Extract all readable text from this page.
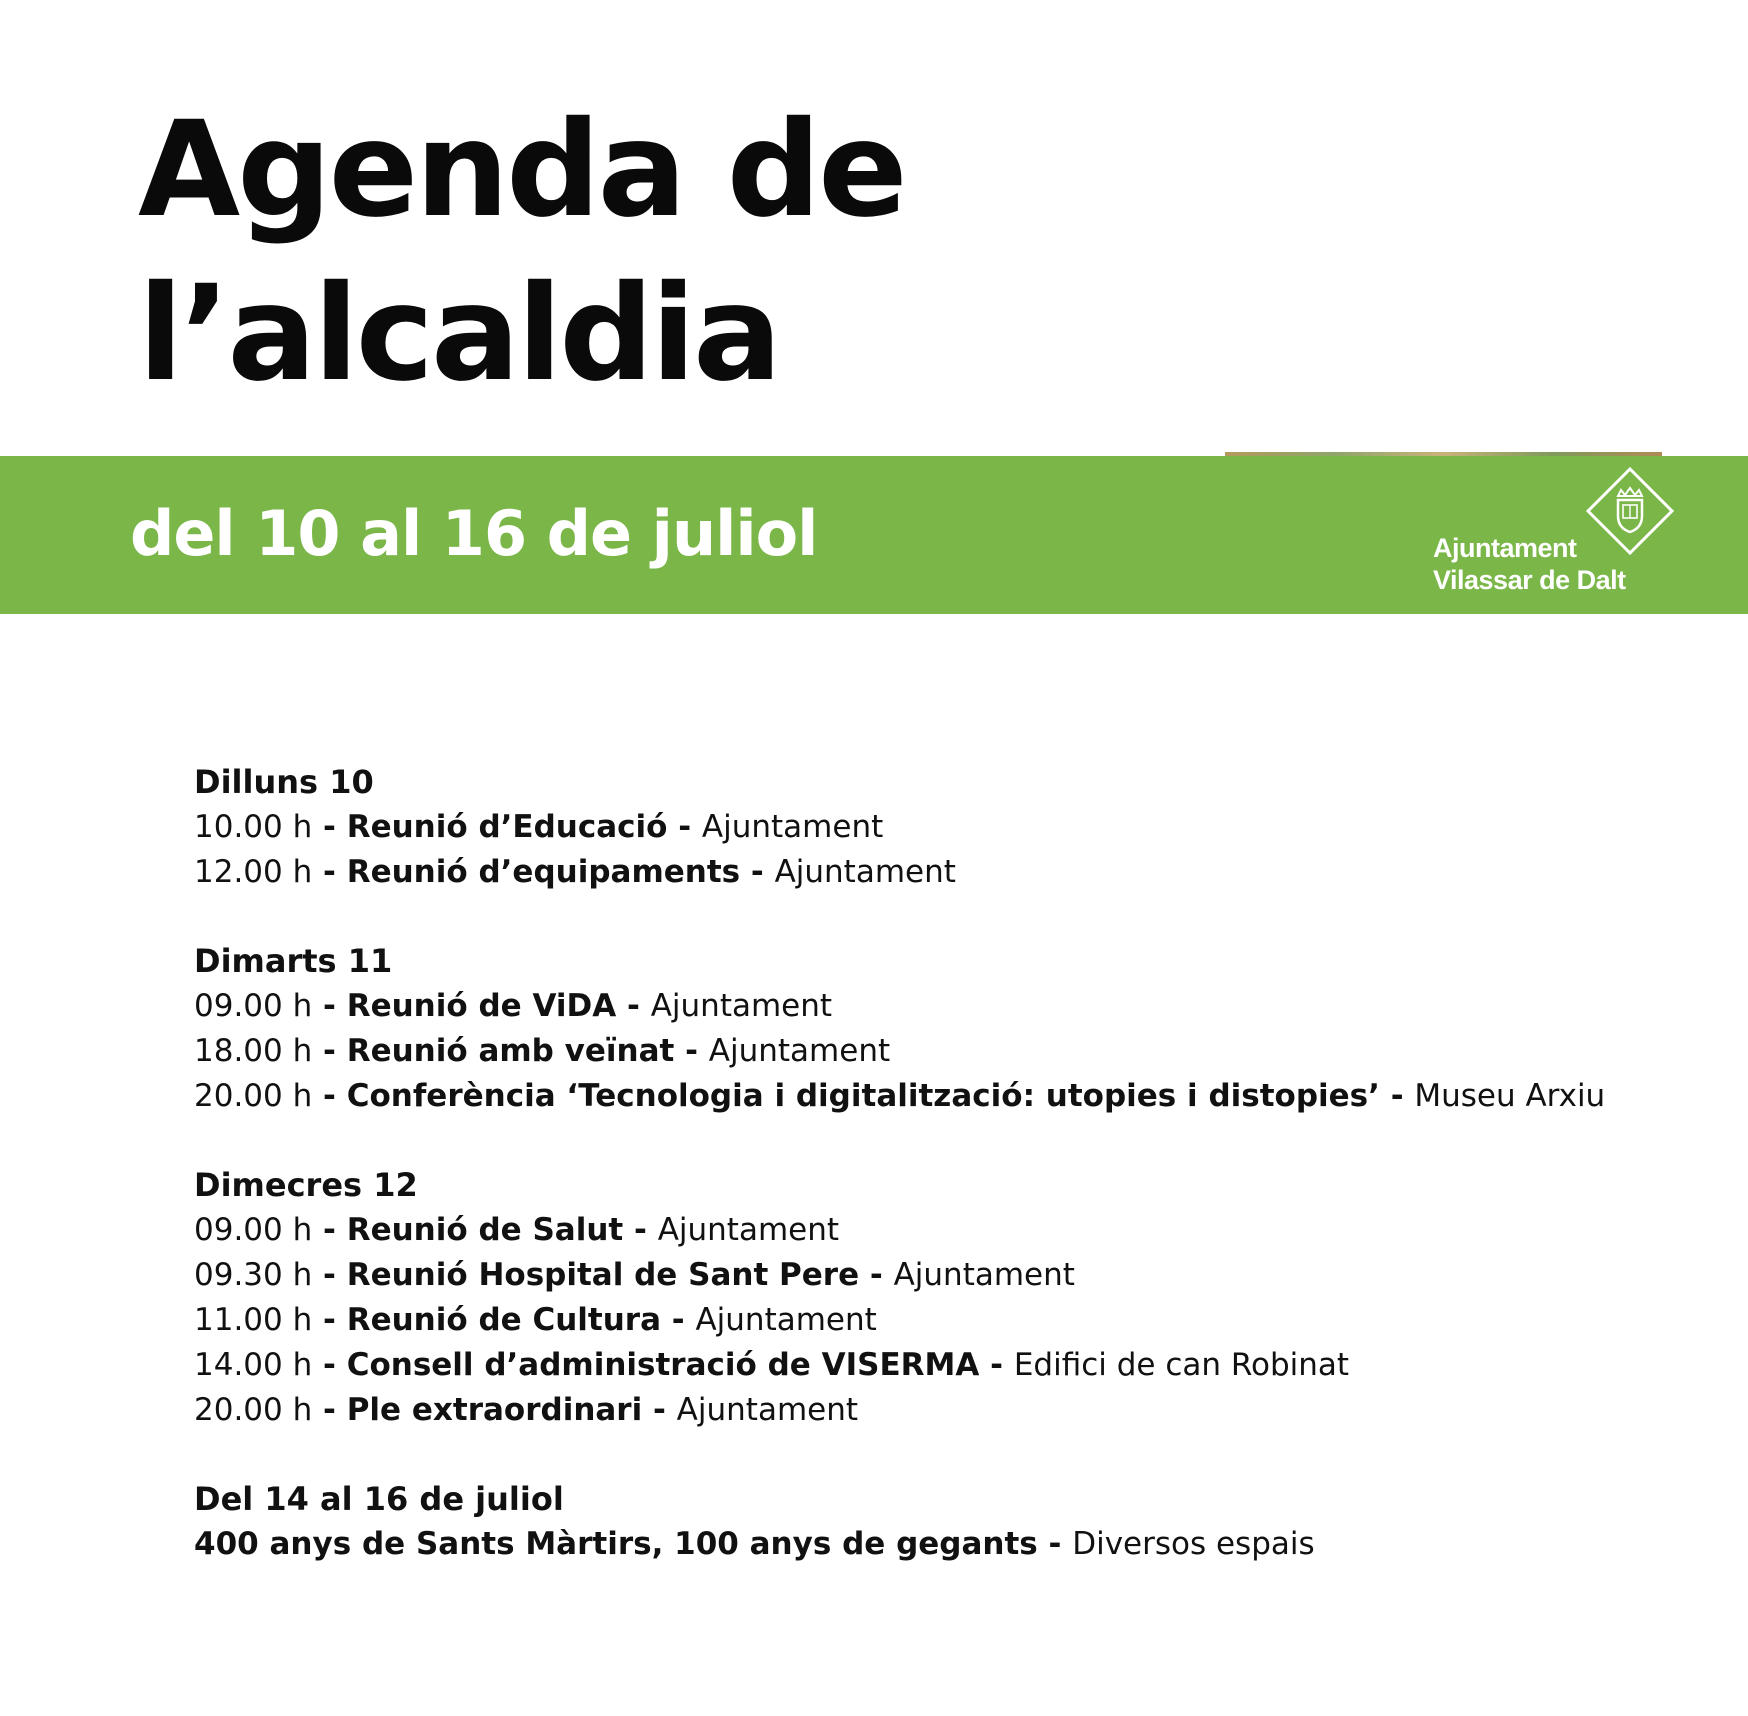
Agenda de
l’alcaldia
del 10 al 16 de juliol	Ajuntament
Vilassar de Dalt
Dilluns 10
10.00 h - Reunió d’Educació - Ajuntament
12.00 h - Reunió d’equipaments - Ajuntament
Dimarts 11
09.00 h - Reunió de ViDA - Ajuntament
18.00 h - Reunió amb veïnat - Ajuntament
20.00 h - Conferència ‘Tecnologia i digitalització: utopies i distopies’ - Museu Arxiu
Dimecres 12
09.00 h - Reunió de Salut - Ajuntament
09.30 h - Reunió Hospital de Sant Pere - Ajuntament
11.00 h - Reunió de Cultura - Ajuntament
14.00 h - Consell d’administració de VISERMA - Edifici de can Robinat
20.00 h - Ple extraordinari - Ajuntament
Del 14 al 16 de juliol
400 anys de Sants Màrtirs, 100 anys de gegants - Diversos espais
